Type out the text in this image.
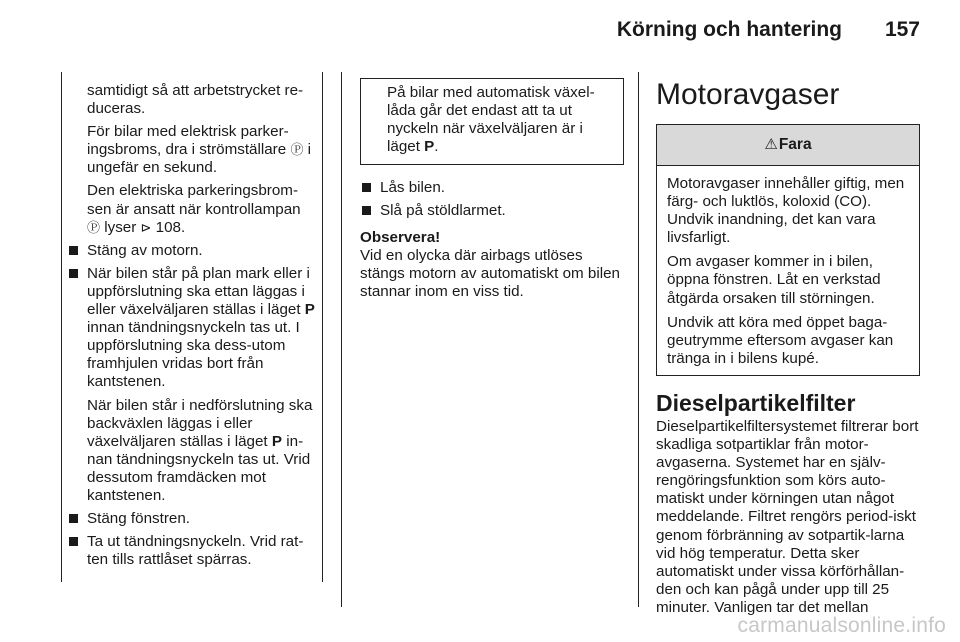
Körning och hantering 157

samtidigt så att arbetstrycket re-duceras.

För bilar med elektrisk parker-ingsbroms, dra i strömställare Ⓟ i ungefär en sekund.

Den elektriska parkeringsbrom-sen är ansatt när kontrollampan Ⓟ lyser ⊳ 108.

Stäng av motorn.
När bilen står på plan mark eller i uppförslutning ska ettan läggas i eller växelväljaren ställas i läget P innan tändningsnyckeln tas ut. I uppförslutning ska dess-utom framhjulen vridas bort från kantstenen.

När bilen står i nedförslutning ska backväxlen läggas i eller växelväljaren ställas i läget P in-nan tändningsnyckeln tas ut. Vrid dessutom framdäcken mot kantstenen.

Stäng fönstren.
Ta ut tändningsnyckeln. Vrid rat-ten tills rattlåset spärras.
På bilar med automatisk växel-låda går det endast att ta ut nyckeln när växelväljaren är i läget P.
Lås bilen.
Slå på stöldlarmet.

Observera!

Vid en olycka där airbags utlöses stängs motorn av automatiskt om bilen stannar inom en viss tid.

Motoravgaser
⚠ Fara

Motoravgaser innehåller giftig, men färg- och luktlös, koloxid (CO). Undvik inandning, det kan vara livsfarligt.

Om avgaser kommer in i bilen, öppna fönstren. Låt en verkstad åtgärda orsaken till störningen.

Undvik att köra med öppet baga-geutrymme eftersom avgaser kan tränga in i bilens kupé.

Dieselpartikelfilter

Dieselpartikelfiltersystemet filtrerar bort skadliga sotpartiklar från motor-avgaserna. Systemet har en själv-rengöringsfunktion som körs auto-matiskt under körningen utan något meddelande. Filtret rengörs period-iskt genom förbränning av sotpartik-larna vid hög temperatur. Detta sker automatiskt under vissa körförhållan-den och kan pågå under upp till 25 minuter. Vanligen tar det mellan

carmanualsonline.info
